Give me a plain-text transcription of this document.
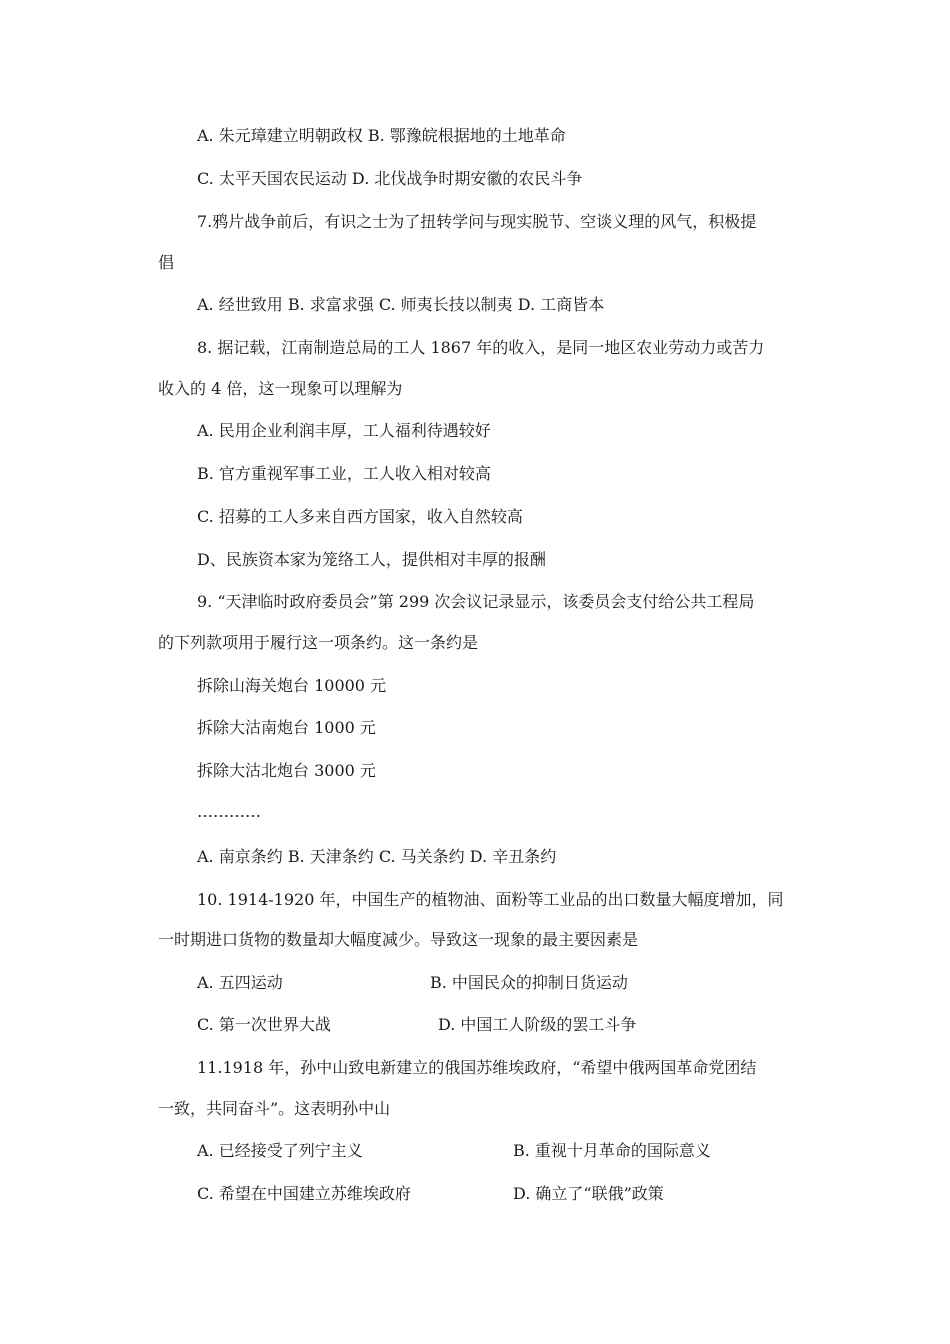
A. 朱元璋建立明朝政权 B. 鄂豫皖根据地的土地革命
C. 太平天国农民运动 D. 北伐战争时期安徽的农民斗争
7.鸦片战争前后，有识之士为了扭转学问与现实脱节、空谈义理的风气，积极提
倡
A. 经世致用 B. 求富求强 C. 师夷长技以制夷 D. 工商皆本
8. 据记载，江南制造总局的工人 1867 年的收入，是同一地区农业劳动力或苦力
收入的 4 倍，这一现象可以理解为
A. 民用企业利润丰厚，工人福利待遇较好
B. 官方重视军事工业，工人收入相对较高
C. 招募的工人多来自西方国家，收入自然较高
D、民族资本家为笼络工人，提供相对丰厚的报酬
9. “天津临时政府委员会”第 299 次会议记录显示，该委员会支付给公共工程局
的下列款项用于履行这一项条约。这一条约是
拆除山海关炮台 10000 元
拆除大沽南炮台 1000 元
拆除大沽北炮台 3000 元
…………
A. 南京条约 B. 天津条约 C. 马关条约 D. 辛丑条约
10. 1914-1920 年，中国生产的植物油、面粉等工业品的出口数量大幅度增加，同
一时期进口货物的数量却大幅度减少。导致这一现象的最主要因素是
A. 五四运动	B. 中国民众的抑制日货运动
C. 第一次世界大战	D. 中国工人阶级的罢工斗争
11.1918 年，孙中山致电新建立的俄国苏维埃政府，“希望中俄两国革命党团结
一致，共同奋斗”。这表明孙中山
A. 已经接受了列宁主义	B. 重视十月革命的国际意义
C. 希望在中国建立苏维埃政府	D. 确立了“联俄”政策
